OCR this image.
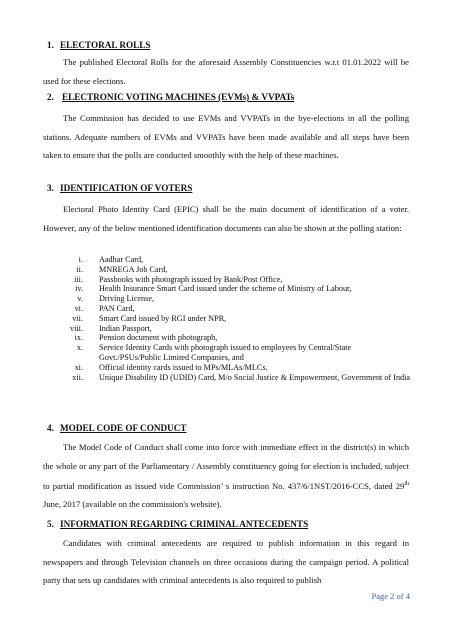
1. ELECTORAL ROLLS
The published Electoral Rolls for the aforesaid Assembly Constituencies w.r.t 01.01.2022 will be used for these elections.
2. ELECTRONIC VOTING MACHINES (EVMs) & VVPATs
The Commission has decided to use EVMs and VVPATs in the bye-elections in all the polling stations. Adequate numbers of EVMs and VVPATs have been made available and all steps have been taken to ensure that the polls are conducted smoothly with the help of these machines.
3. IDENTIFICATION OF VOTERS
Electoral Photo Identity Card (EPIC) shall be the main document of identification of a voter. However, any of the below mentioned identification documents can also be shown at the polling station:
i. Aadhar Card,
ii. MNREGA Job Card,
iii. Passbooks with photograph issued by Bank/Post Office,
iv. Health Insurance Smart Card issued under the scheme of Ministry of Labour,
v. Driving License,
vi. PAN Card,
vii. Smart Card issued by RGI under NPR,
viii. Indian Passport,
ix. Pension document with photograph,
x. Service Identity Cards with photograph issued to employees by Central/State Govt./PSUs/Public Limited Companies, and
xi. Official identity cards issued to MPs/MLAs/MLCs.
xii. Unique Disability ID (UDID) Card, M/o Social Justice & Empowerment, Government of India
4. MODEL CODE OF CONDUCT
The Model Code of Conduct shall come into force with immediate effect in the district(s) in which the whole or any part of the Parliamentary / Assembly constituency going for election is included, subject to partial modification as issued vide Commission’ s instruction No. 437/6/1NST/2016-CCS, dated 29th June, 2017 (available on the commission's website).
5. INFORMATION REGARDING CRIMINAL ANTECEDENTS
Candidates with criminal antecedents are required to publish information in this regard in newspapers and through Television channels on three occasions during the campaign period. A political party that sets up candidates with criminal antecedents is also required to publish
Page 2 of 4
